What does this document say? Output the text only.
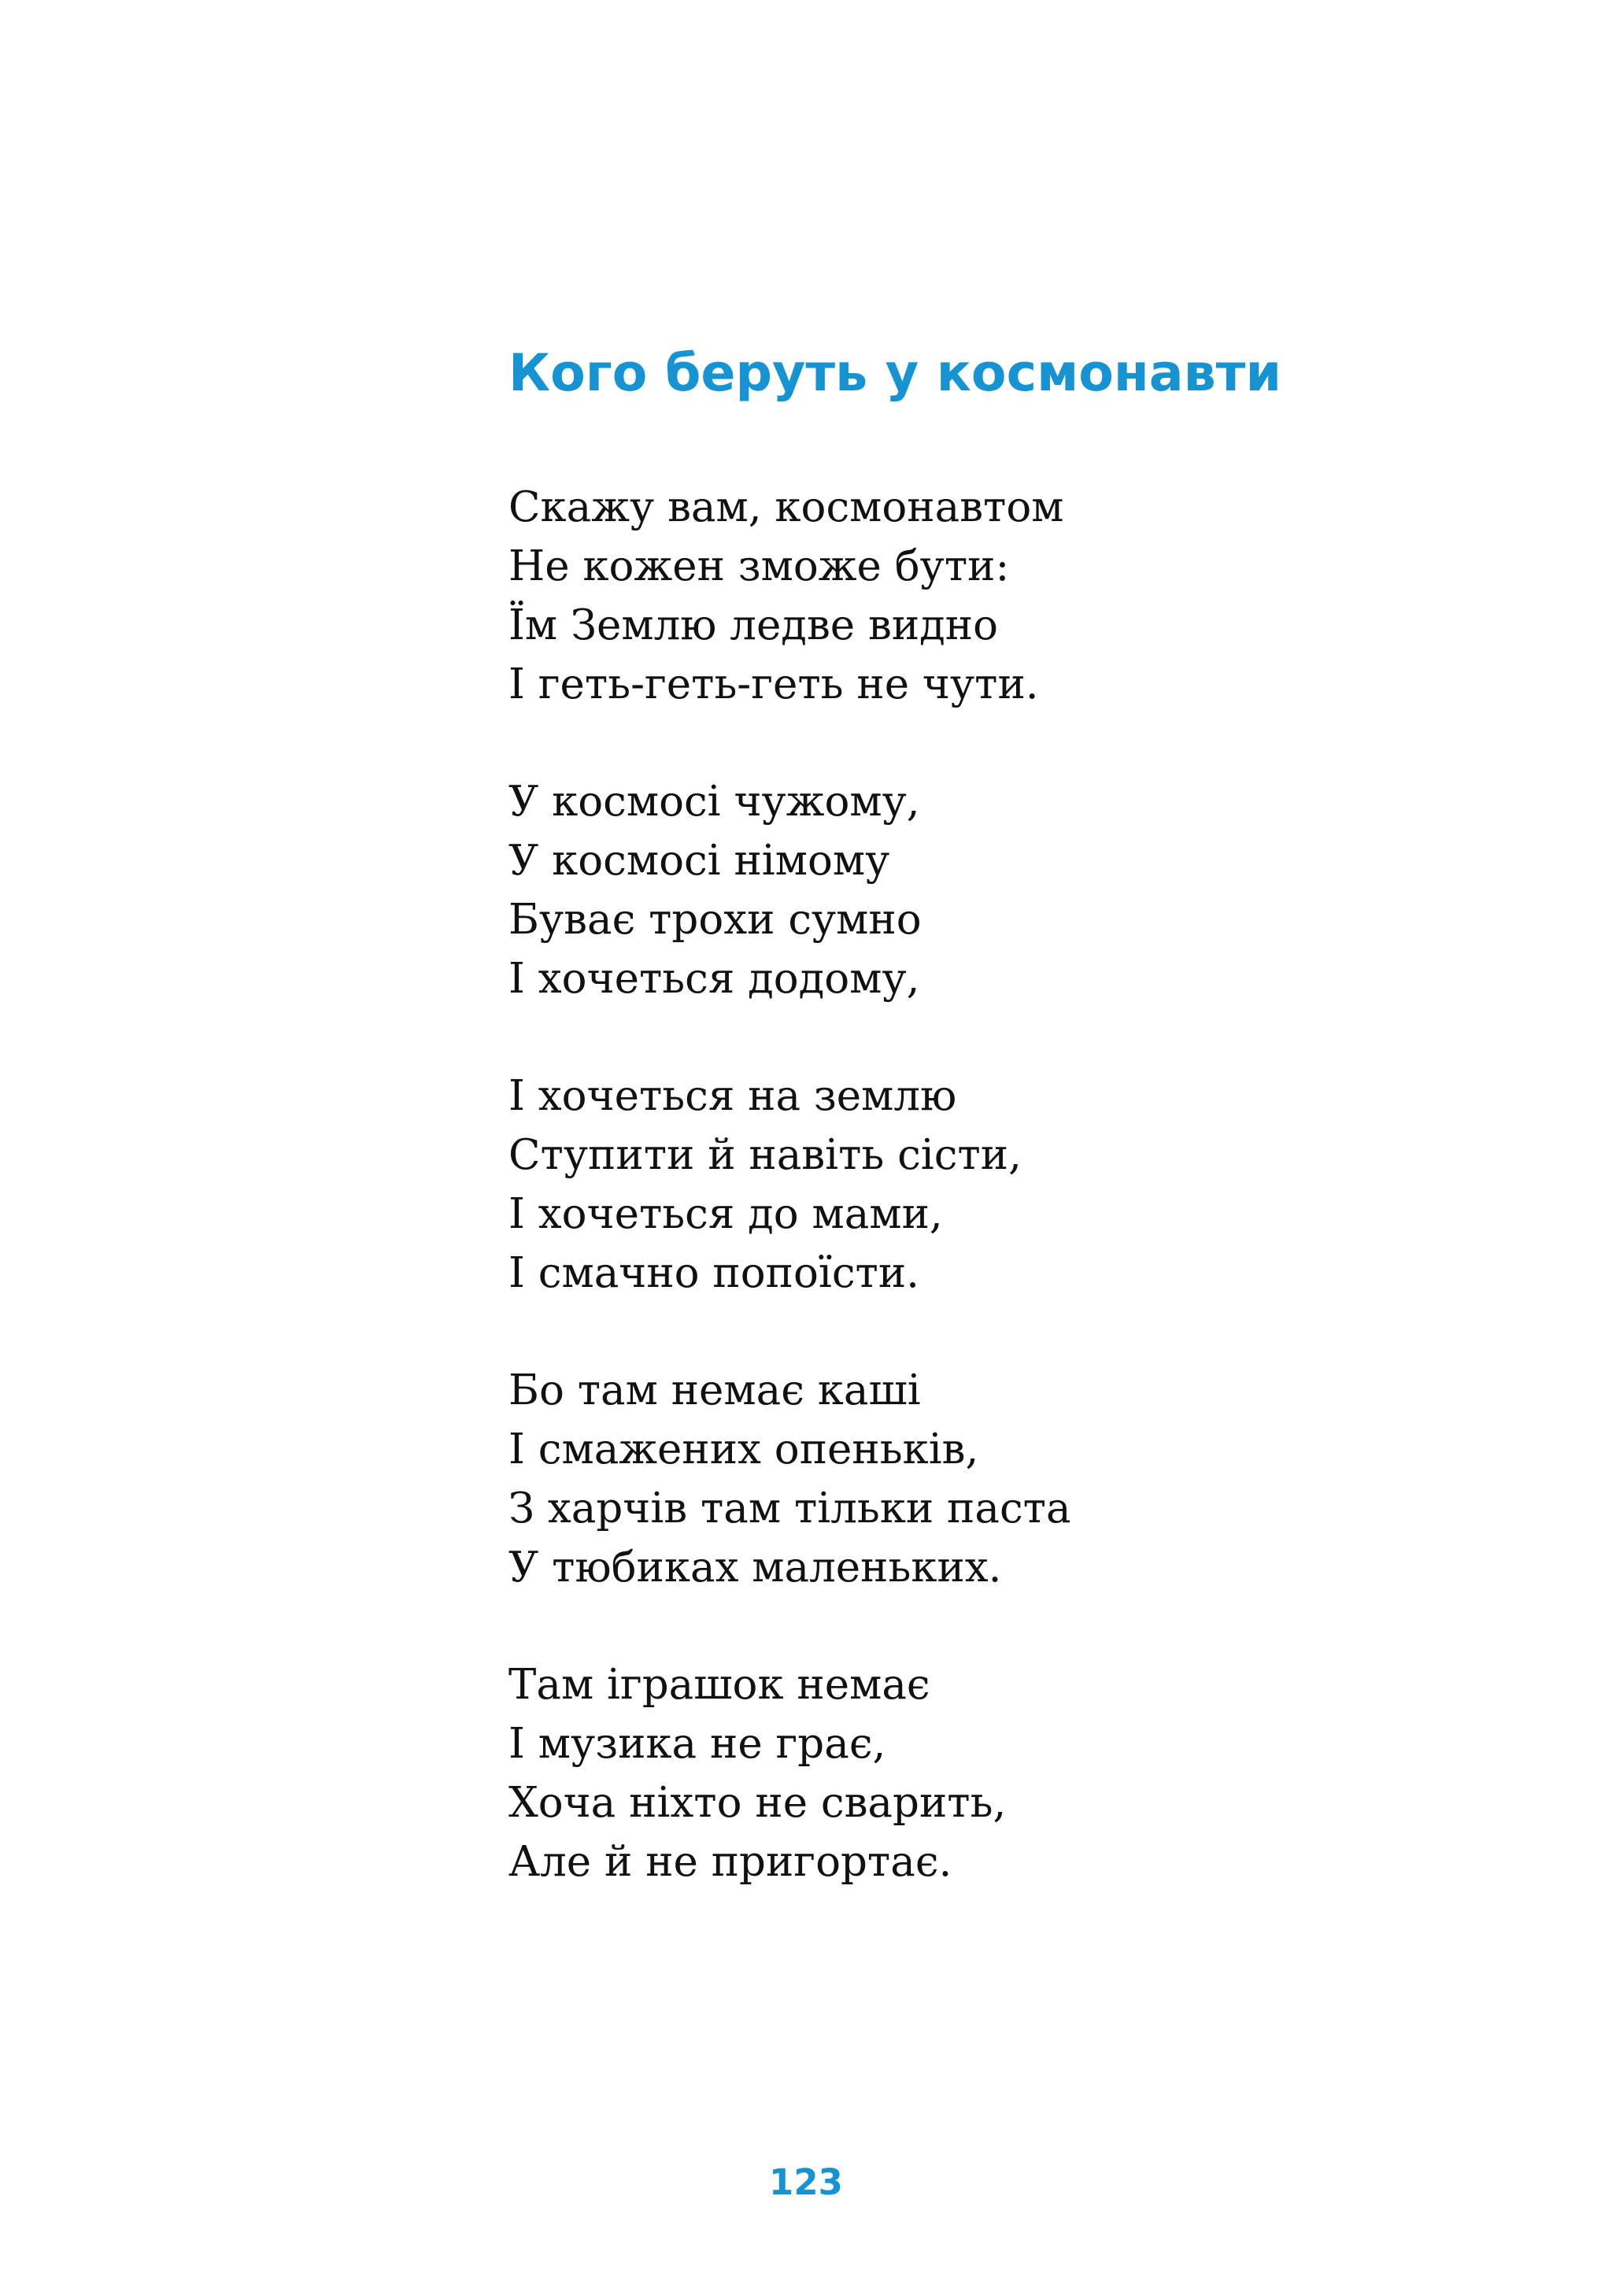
Кого беруть у космонавти
Скажу вам, космонавтом
Не кожен зможе бути:
Їм Землю ледве видно
І геть-геть-геть не чути.
У космосі чужому,
У космосі німому
Буває трохи сумно
І хочеться додому,
І хочеться на землю
Ступити й навіть сісти,
І хочеться до мами,
І смачно попоїсти.
Бо там немає каші
І смажених опеньків,
З харчів там тільки паста
У тюбиках маленьких.
Там іграшок немає
І музика не грає,
Хоча ніхто не сварить,
Але й не пригортає.
123
